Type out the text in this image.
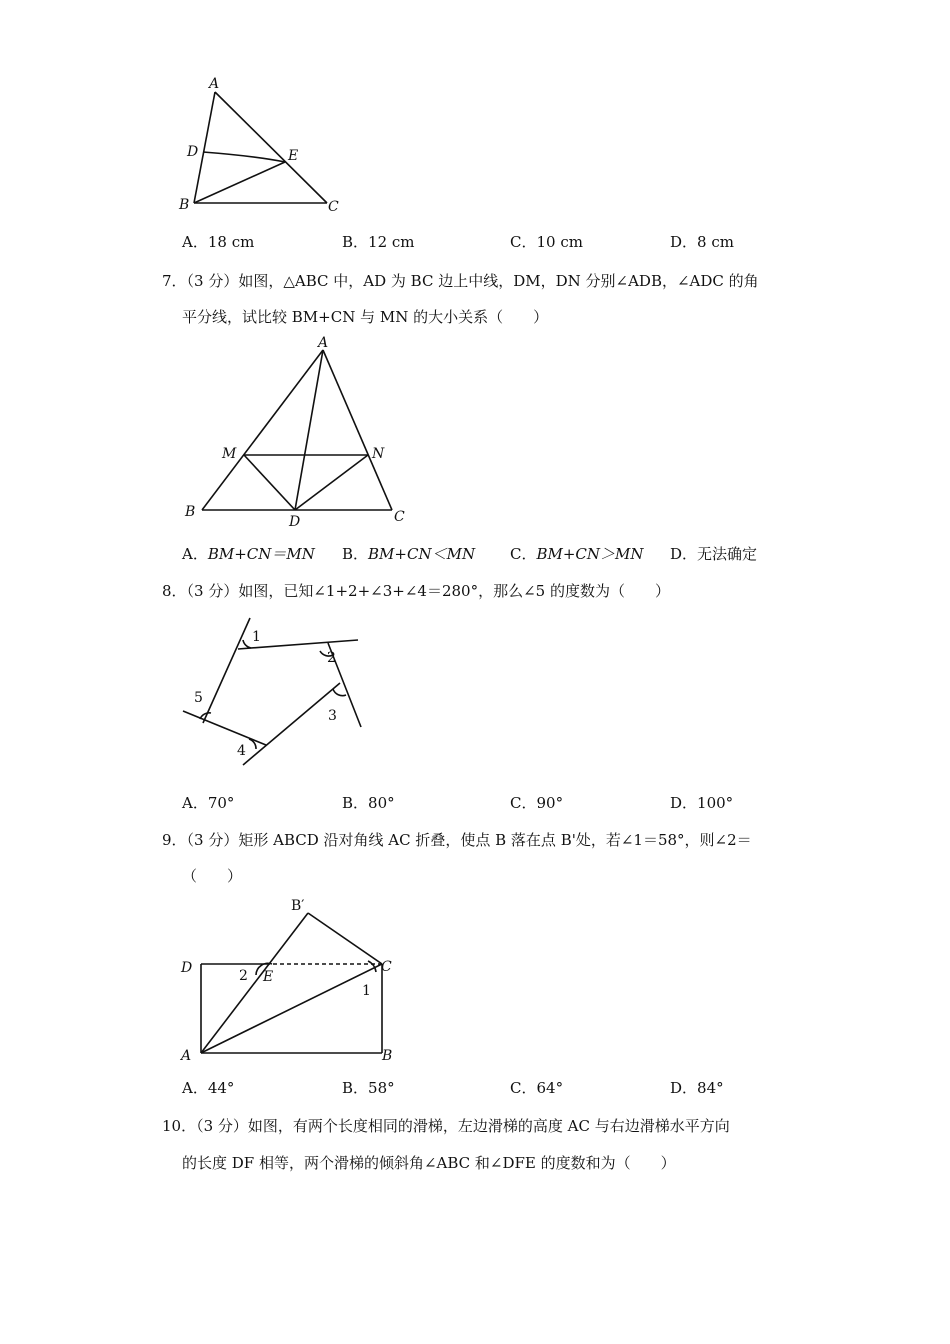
A
D	E
B	C
A．18 cm	B．12 cm	C．10 cm	D．8 cm
7．（3 分）如图，△ABC 中，AD 为 BC 边上中线，DM，DN 分别∠ADB，∠ADC 的角
平分线，试比较 BM+CN 与 MN 的大小关系（　　）
A
M	N
B
D	C
A．BM+CN＝MN B．BM+CN＜MN C．BM+CN＞MN D．无法确定
8．（3 分）如图，已知∠1+2+∠3+∠4＝280°，那么∠5 的度数为（　　）
1
2
3
4
5
A．70°	B．80°	C．90°	D．100°
9．（3 分）矩形 ABCD 沿对角线 AC 折叠，使点 B 落在点 B'处，若∠1＝58°，则∠2＝
（　　）
B′
D
E
C
2
1
A	B
A．44°	B．58°	C．64°	D．84°
10．（3 分）如图，有两个长度相同的滑梯，左边滑梯的高度 AC 与右边滑梯水平方向
的长度 DF 相等，两个滑梯的倾斜角∠ABC 和∠DFE 的度数和为（　　）
